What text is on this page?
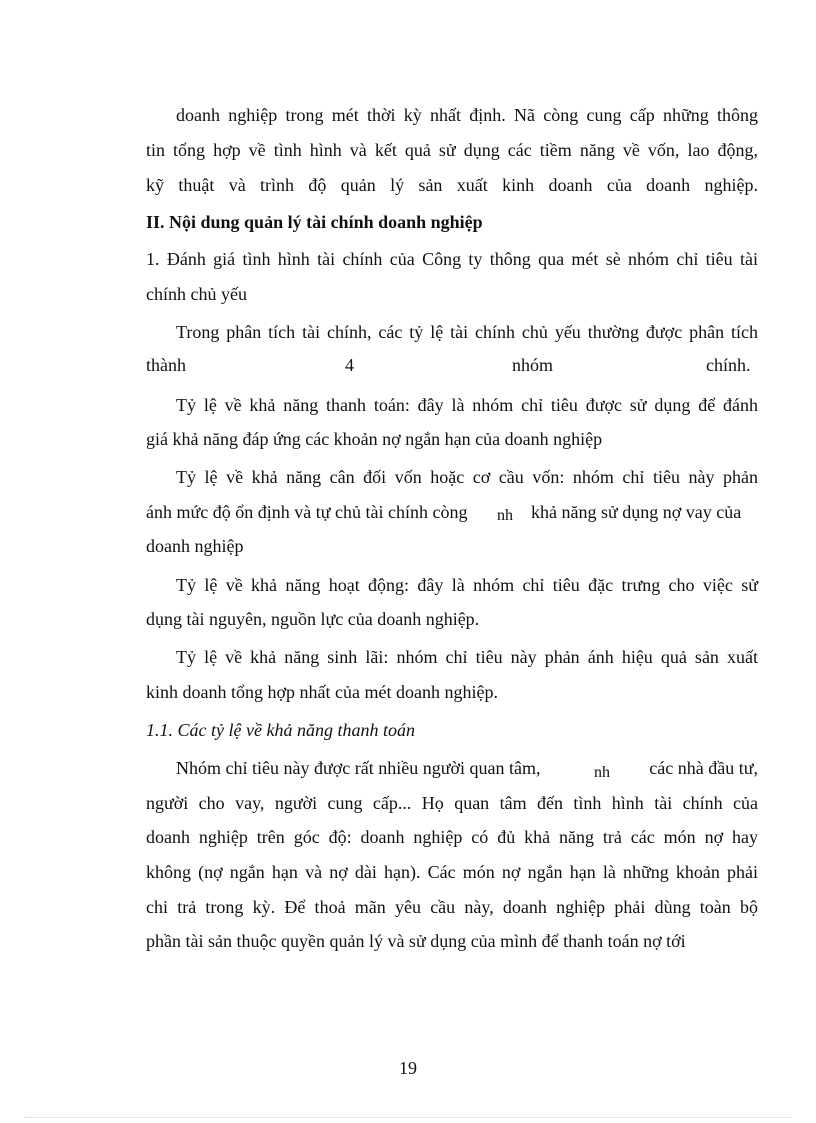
doanh nghiệp trong mét thời kỳ nhất định. Nã còng cung cấp những thông
tin tổng hợp về tình hình và kết quả sử dụng các tiềm năng về vốn, lao động,
kỹ thuật và trình độ quản lý sản xuất kinh doanh của doanh nghiệp.
II. Nội dung quản lý tài chính doanh nghiệp
1. Đánh giá tình hình tài chính của Công ty thông qua mét sè nhóm chỉ tiêu tài
chính chủ yếu
Trong phân tích tài chính, các tỷ lệ tài chính chủ yếu thường được phân tích
thành	4	nhóm	chính.
Tỷ lệ về khả năng thanh toán: đây là nhóm chỉ tiêu được sử dụng để đánh
giá khả năng đáp ứng các khoản nợ ngắn hạn của doanh nghiệp
Tỷ lệ về khả năng cân đối vốn hoặc cơ cầu vốn: nhóm chỉ tiêu này phản
ánh mức độ ổn định và tự chủ tài chính còng nh khả năng sử dụng nợ vay của
doanh nghiệp
Tỷ lệ về khả năng hoạt động: đây là nhóm chỉ tiêu đặc trưng cho việc sử
dụng tài nguyên, nguồn lực của doanh nghiệp.
Tỷ lệ về khả năng sinh lãi: nhóm chỉ tiêu này phản ánh hiệu quả sản xuất
kinh doanh tổng hợp nhất của mét doanh nghiệp.
1.1. Các tỷ lệ về khả năng thanh toán
Nhóm chỉ tiêu này được rất nhiều người quan tâm,	nh	các nhà đầu tư,
người cho vay, người cung cấp... Họ quan tâm đến tình hình tài chính của
doanh nghiệp trên góc độ: doanh nghiệp có đủ khả năng trả các món nợ hay
không (nợ ngắn hạn và nợ dài hạn). Các món nợ ngắn hạn là những khoản phải
chi trả trong kỳ. Để thoả mãn yêu cầu này, doanh nghiệp phải dùng toàn bộ
phần tài sản thuộc quyền quản lý và sử dụng của mình để thanh toán nợ tới
19
